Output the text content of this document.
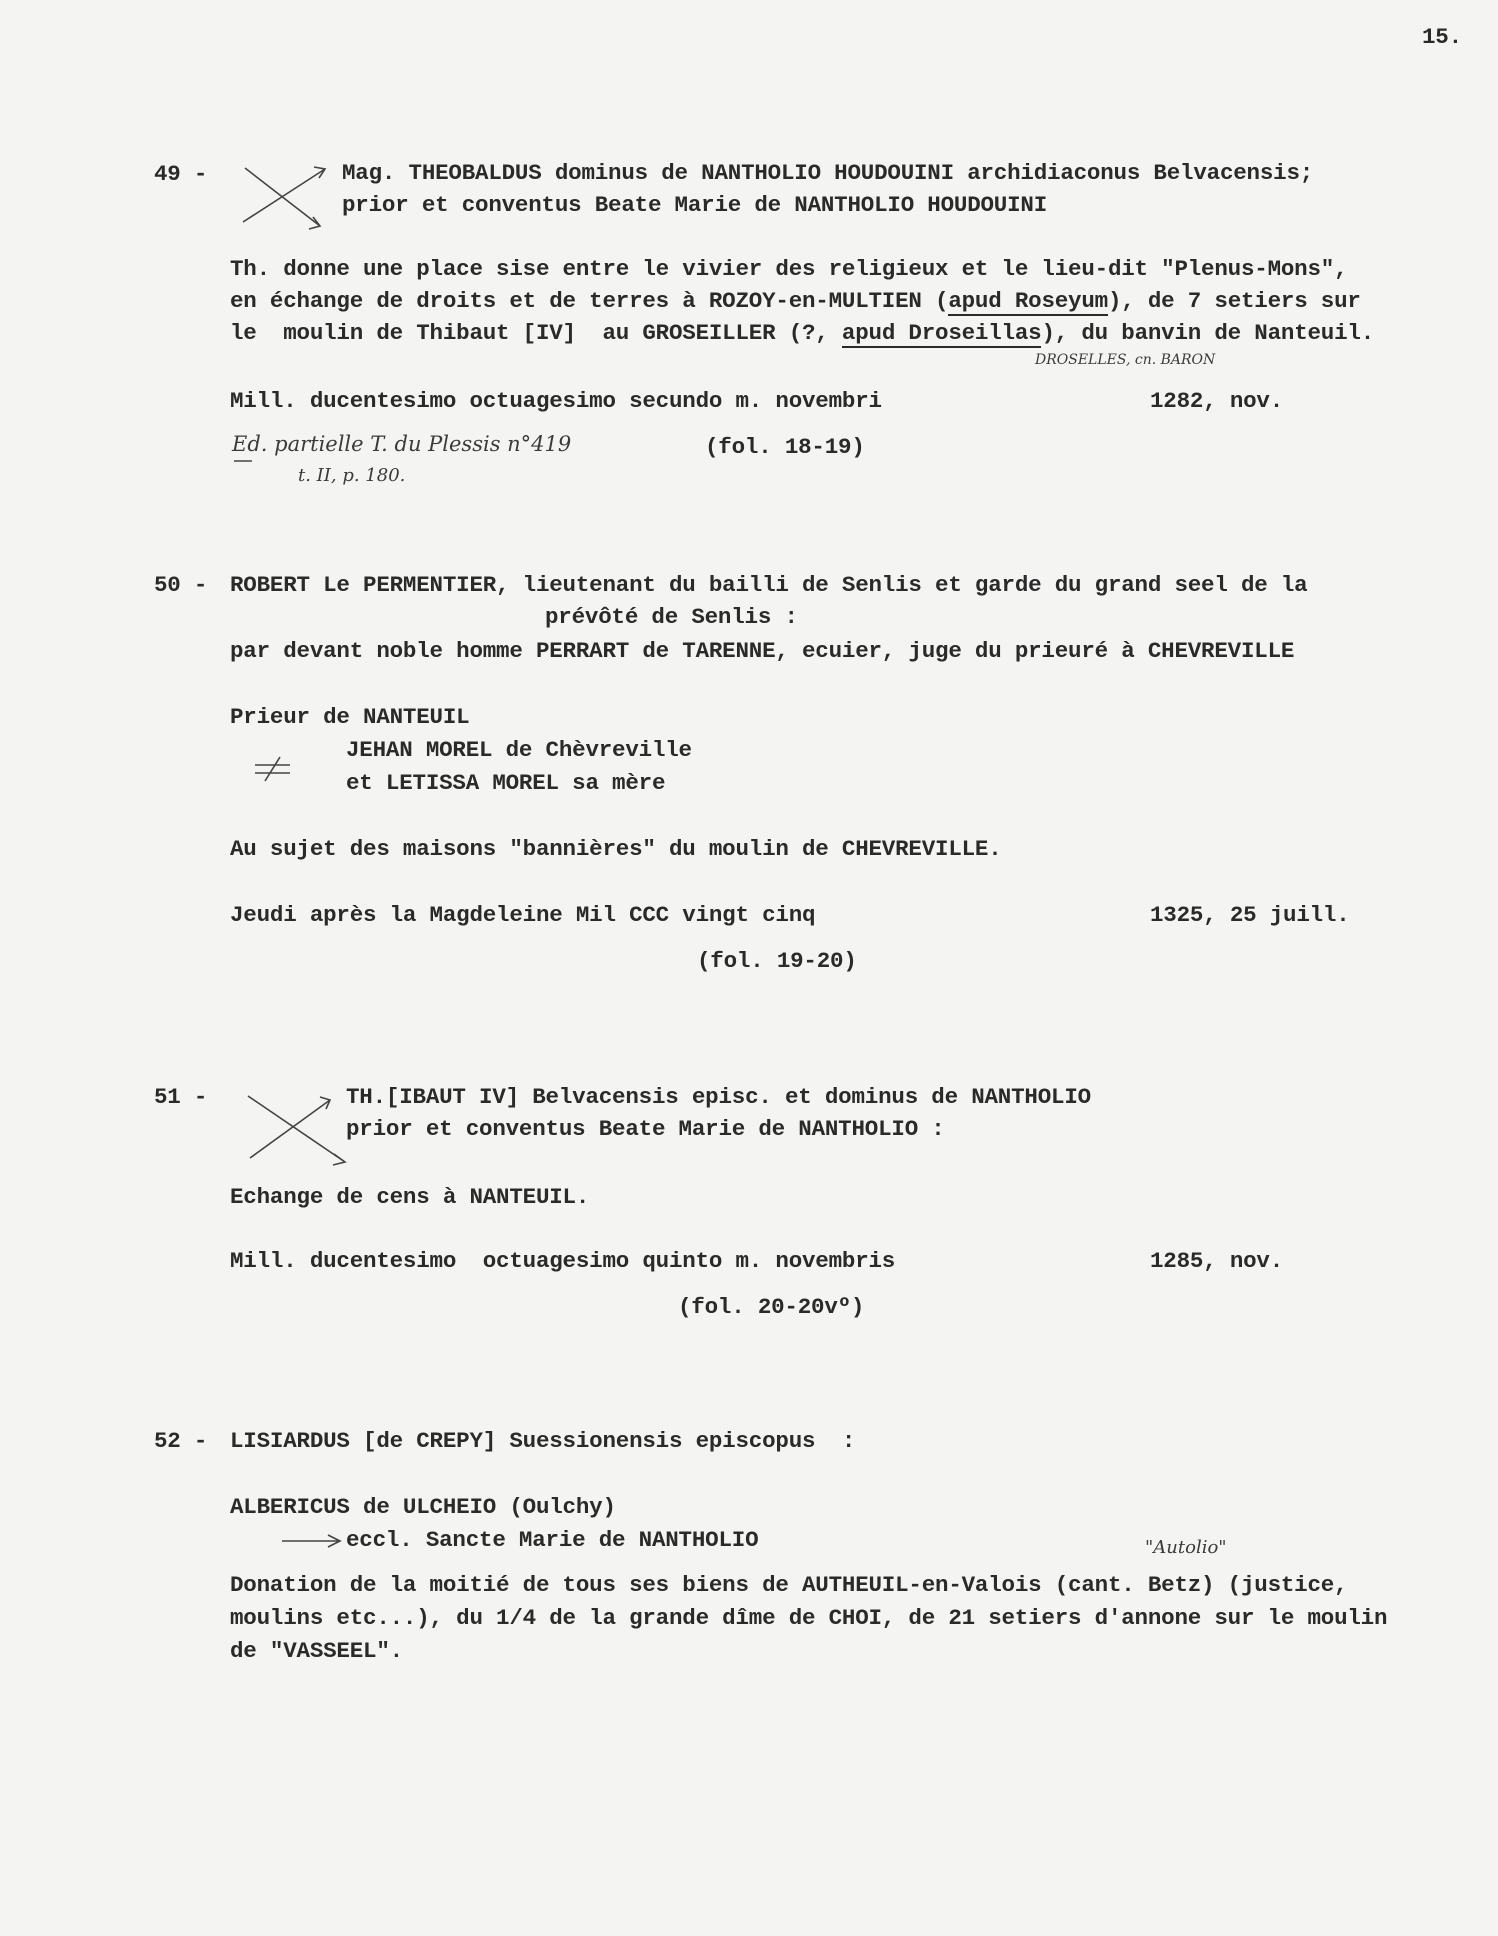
15.
49 -	Mag. THEOBALDUS dominus de NANTHOLIO HOUDOUINI archidiaconus Belvacensis;
prior et conventus Beate Marie de NANTHOLIO HOUDOUINI
Th. donne une place sise entre le vivier des religieux et le lieu-dit "Plenus-Mons",
en échange de droits et de terres à ROZOY-en-MULTIEN (apud Roseyum), de 7 setiers sur
le  moulin de Thibaut [IV]  au GROSEILLER (?, apud Droseillas), du banvin de Nanteuil.
DROSELLES, cn. BARON
Mill. ducentesimo octuagesimo secundo m. novembri	1282, nov.
Ed. partielle T. du Plessis n°419	(fol. 18-19)
t. II, p. 180.
50 - ROBERT Le PERMENTIER, lieutenant du bailli de Senlis et garde du grand seel de la
prévôté de Senlis :
par devant noble homme PERRART de TARENNE, ecuier, juge du prieuré à CHEVREVILLE
Prieur de NANTEUIL
JEHAN MOREL de Chèvreville
et LETISSA MOREL sa mère
Au sujet des maisons "bannières" du moulin de CHEVREVILLE.
Jeudi après la Magdeleine Mil CCC vingt cinq	1325, 25 juill.
(fol. 19-20)
51 -	TH.[IBAUT IV] Belvacensis episc. et dominus de NANTHOLIO
prior et conventus Beate Marie de NANTHOLIO :
Echange de cens à NANTEUIL.
Mill. ducentesimo  octuagesimo quinto m. novembris	1285, nov.
(fol. 20-20vº)
52 - LISIARDUS [de CREPY] Suessionensis episcopus  :
ALBERICUS de ULCHEIO (Oulchy)
eccl. Sancte Marie de NANTHOLIO	"Autolio"
Donation de la moitié de tous ses biens de AUTHEUIL-en-Valois (cant. Betz) (justice,
moulins etc...), du 1/4 de la grande dîme de CHOI, de 21 setiers d'annone sur le moulin
de "VASSEEL".
